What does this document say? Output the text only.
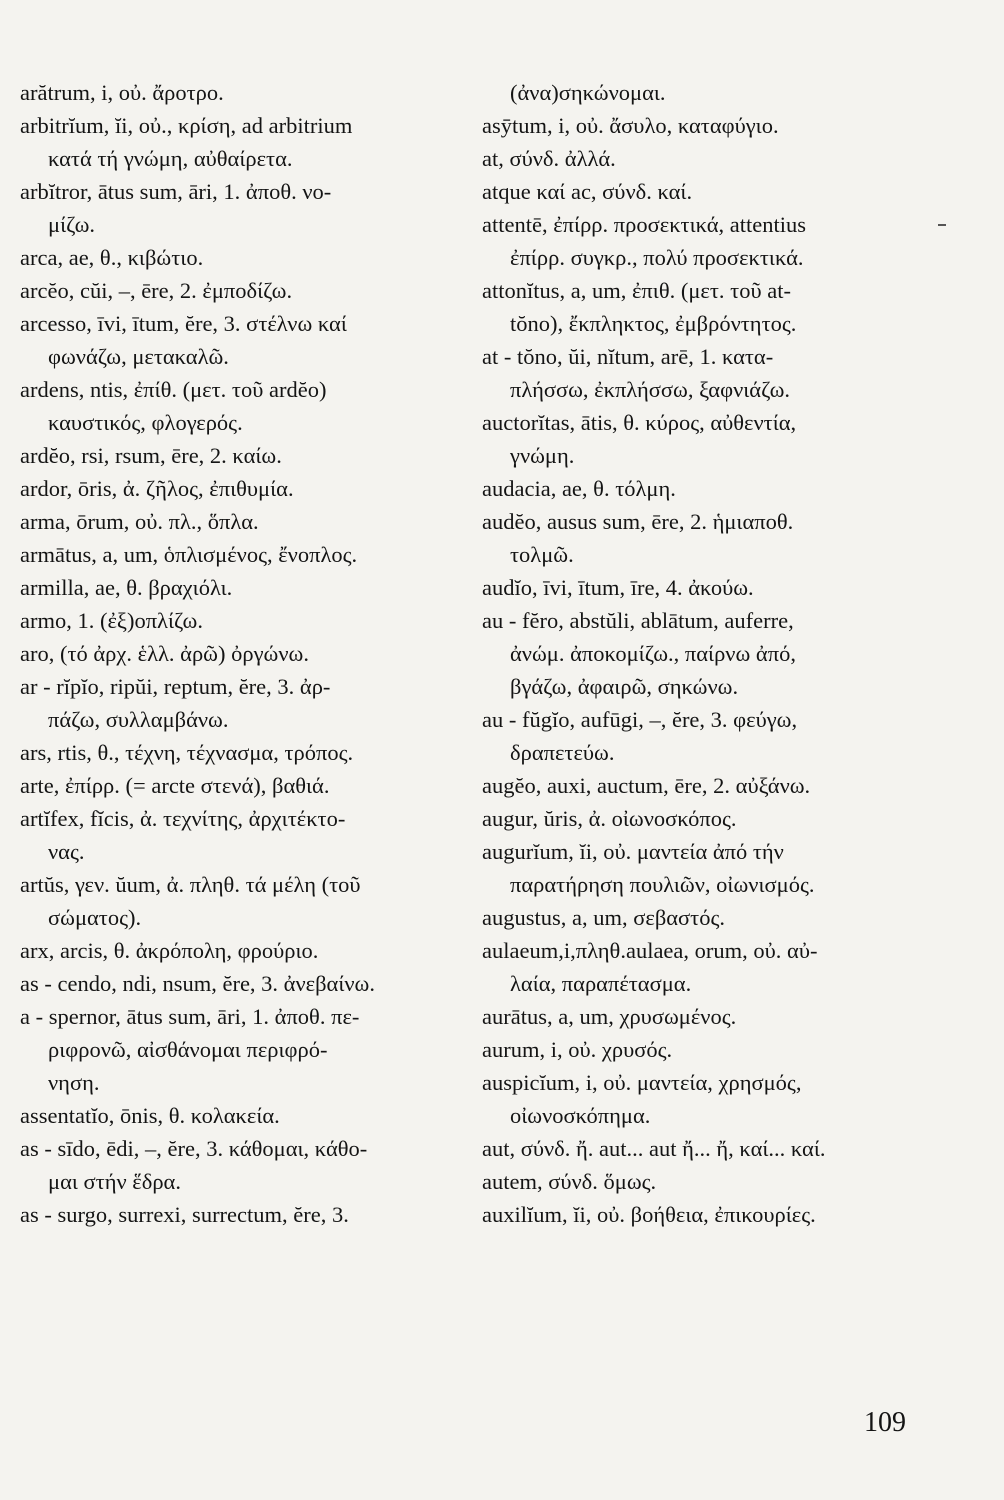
arătrum, i, οὐ. ἄροτρο.
arbitrĭum, ĭi, οὐ., κρίση, ad arbitrium
κατά τή γνώμη, αὐθαίρετα.
arbĭtror, ātus sum, āri, 1. ἀποθ. νο-
μίζω.
arca, ae, θ., κιβώτιο.
arcĕo, cŭi, –, ēre, 2. ἐμποδίζω.
arcesso, īvi, ītum, ĕre, 3. στέλνω καί
φωνάζω, μετακαλῶ.
ardens, ntis, ἐπίθ. (μετ. τοῦ ardĕo)
καυστικός, φλογερός.
ardĕo, rsi, rsum, ēre, 2. καίω.
ardor, ōris, ἀ. ζῆλος, ἐπιθυμία.
arma, ōrum, οὐ. πλ., ὅπλα.
armātus, a, um, ὁπλισμένος, ἔνοπλος.
armilla, ae, θ. βραχιόλι.
armo, 1. (ἐξ)οπλίζω.
aro, (τό ἀρχ. ἑλλ. ἀρῶ) ὀργώνω.
ar - rĭpĭo, ripŭi, reptum, ĕre, 3. ἀρ-
πάζω, συλλαμβάνω.
ars, rtis, θ., τέχνη, τέχνασμα, τρόπος.
arte, ἐπίρρ. (= arcte στενά), βαθιά.
artĭfex, fĭcis, ἀ. τεχνίτης, ἀρχιτέκτο-
νας.
artŭs, γεν. ŭum, ἀ. πληθ. τά μέλη (τοῦ
σώματος).
arx, arcis, θ. ἀκρόπολη, φρούριο.
as - cendo, ndi, nsum, ĕre, 3. ἀνεβαίνω.
a - spernor, ātus sum, āri, 1. ἀποθ. πε-
ριφρονῶ, αἰσθάνομαι περιφρό-
νηση.
assentatĭo, ōnis, θ. κολακεία.
as - sīdo, ēdi, –, ĕre, 3. κάθομαι, κάθο-
μαι στήν ἕδρα.
as - surgo, surrexi, surrectum, ĕre, 3.
(ἀνα)σηκώνομαι.
asȳtum, i, οὐ. ἄσυλο, καταφύγιο.
at, σύνδ. ἀλλά.
atque καί ac, σύνδ. καί.
attentē, ἐπίρρ. προσεκτικά, attentius
ἐπίρρ. συγκρ., πολύ προσεκτικά.
attonĭtus, a, um, ἐπιθ. (μετ. τοῦ at-
tŏno), ἔκπληκτος, ἐμβρόντητος.
at - tŏno, ŭi, nĭtum, arē, 1. κατα-
πλήσσω, ἐκπλήσσω, ξαφνιάζω.
auctorĭtas, ātis, θ. κύρος, αὐθεντία,
γνώμη.
audacia, ae, θ. τόλμη.
audĕo, ausus sum, ēre, 2. ἡμιαποθ.
τολμῶ.
audĭo, īvi, ītum, īre, 4. ἀκούω.
au - fĕro, abstŭli, ablātum, auferre,
ἀνώμ. ἀποκομίζω., παίρνω ἀπό,
βγάζω, ἀφαιρῶ, σηκώνω.
au - fŭgĭo, aufūgi, –, ĕre, 3. φεύγω,
δραπετεύω.
augĕo, auxi, auctum, ēre, 2. αὐξάνω.
augur, ŭris, ἀ. οἰωνοσκόπος.
augurĭum, ĭi, οὐ. μαντεία ἀπό τήν
παρατήρηση πουλιῶν, οἰωνισμός.
augustus, a, um, σεβαστός.
aulaeum,i,πληθ.aulaea, orum, οὐ. αὐ-
λαία, παραπέτασμα.
aurātus, a, um, χρυσωμένος.
aurum, i, οὐ. χρυσός.
auspicĭum, i, οὐ. μαντεία, χρησμός,
οἰωνοσκόπημα.
aut, σύνδ. ἤ. aut... aut ἤ... ἤ, καί... καί.
autem, σύνδ. ὅμως.
auxilĭum, ĭi, οὐ. βοήθεια, ἐπικουρίες.
109
